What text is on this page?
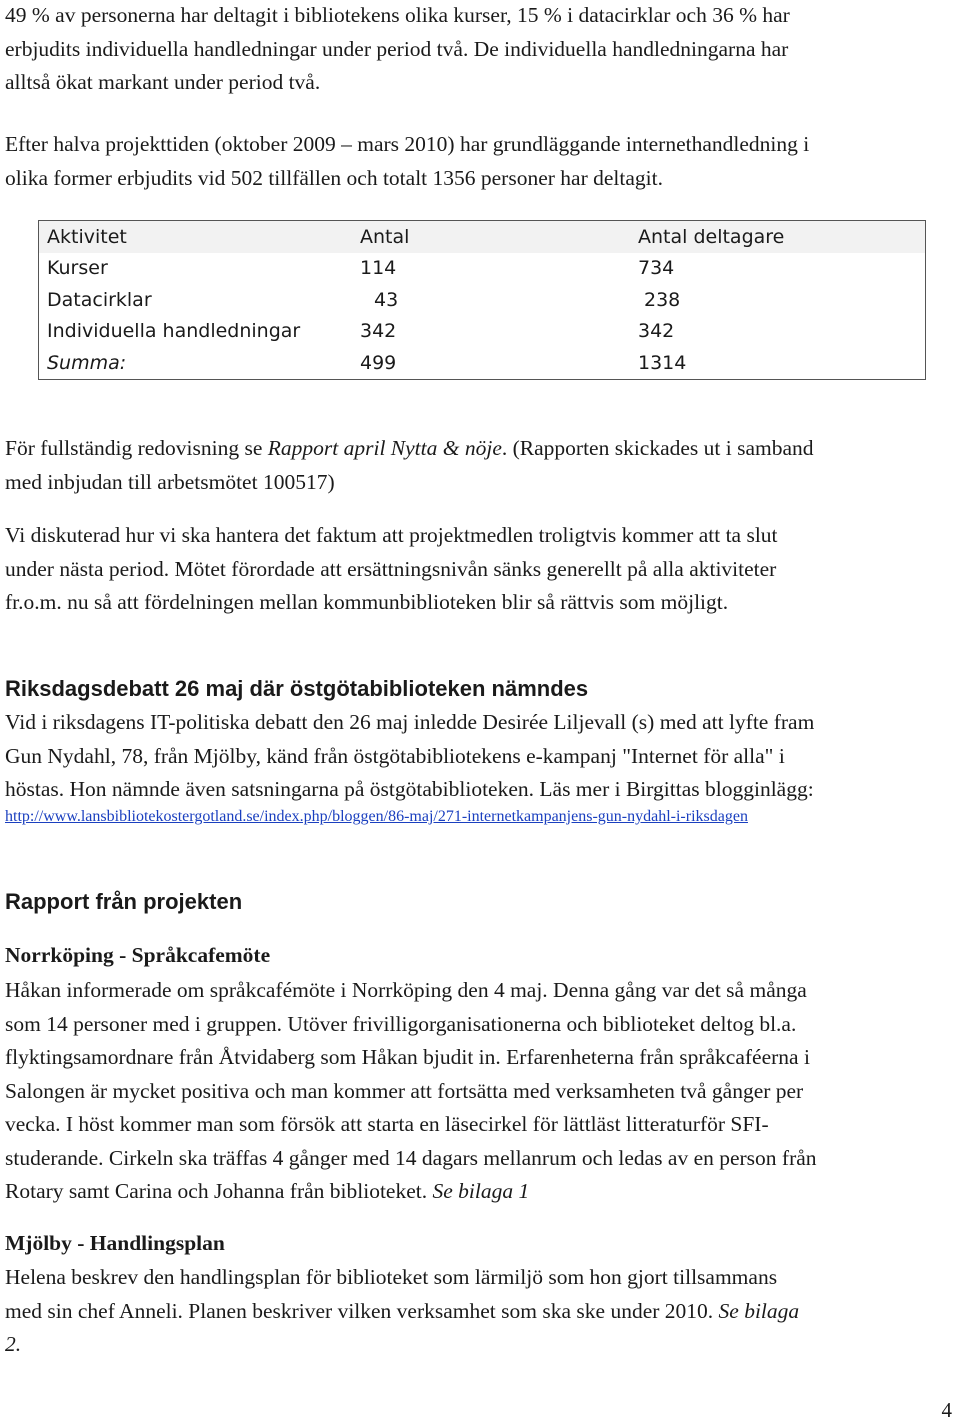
49 % av personerna har deltagit i bibliotekens olika kurser, 15 % i datacirklar och 36 % har
erbjudits individuella handledningar under period två. De individuella handledningarna har
alltså ökat markant under period två.
Efter halva projekttiden (oktober 2009 – mars 2010) har grundläggande internethandledning i
olika former erbjudits vid 502 tillfällen och totalt 1356 personer har deltagit.
Aktivitet	Antal	Antal deltagare
Kurser	114	734
Datacirklar	43	238
Individuella handledningar	342	342
Summa:	499	1314
För fullständig redovisning se Rapport april Nytta & nöje. (Rapporten skickades ut i samband
med inbjudan till arbetsmötet 100517)
Vi diskuterad hur vi ska hantera det faktum att projektmedlen troligtvis kommer att ta slut
under nästa period. Mötet förordade att ersättningsnivån sänks generellt på alla aktiviteter
fr.o.m. nu så att fördelningen mellan kommunbiblioteken blir så rättvis som möjligt.
Riksdagsdebatt 26 maj där östgötabiblioteken nämndes
Vid i riksdagens IT-politiska debatt den 26 maj inledde Desirée Liljevall (s) med att lyfte fram
Gun Nydahl, 78, från Mjölby, känd från östgötabibliotekens e-kampanj "Internet för alla" i
höstas. Hon nämnde även satsningarna på östgötabiblioteken. Läs mer i Birgittas blogginlägg:
http://www.lansbibliotekostergotland.se/index.php/bloggen/86-maj/271-internetkampanjens-gun-nydahl-i-riksdagen
Rapport från projekten
Norrköping - Språkcafemöte
Håkan informerade om språkcafémöte i Norrköping den 4 maj. Denna gång var det så många
som 14 personer med i gruppen. Utöver frivilligorganisationerna och biblioteket deltog bl.a.
flyktingsamordnare från Åtvidaberg som Håkan bjudit in. Erfarenheterna från språkcaféerna i
Salongen är mycket positiva och man kommer att fortsätta med verksamheten två gånger per
vecka. I höst kommer man som försök att starta en läsecirkel för lättläst litteraturför SFI-
studerande. Cirkeln ska träffas 4 gånger med 14 dagars mellanrum och ledas av en person från
Rotary samt Carina och Johanna från biblioteket. Se bilaga 1
Mjölby - Handlingsplan
Helena beskrev den handlingsplan för biblioteket som lärmiljö som hon gjort tillsammans
med sin chef Anneli. Planen beskriver vilken verksamhet som ska ske under 2010. Se bilaga
2.
4
